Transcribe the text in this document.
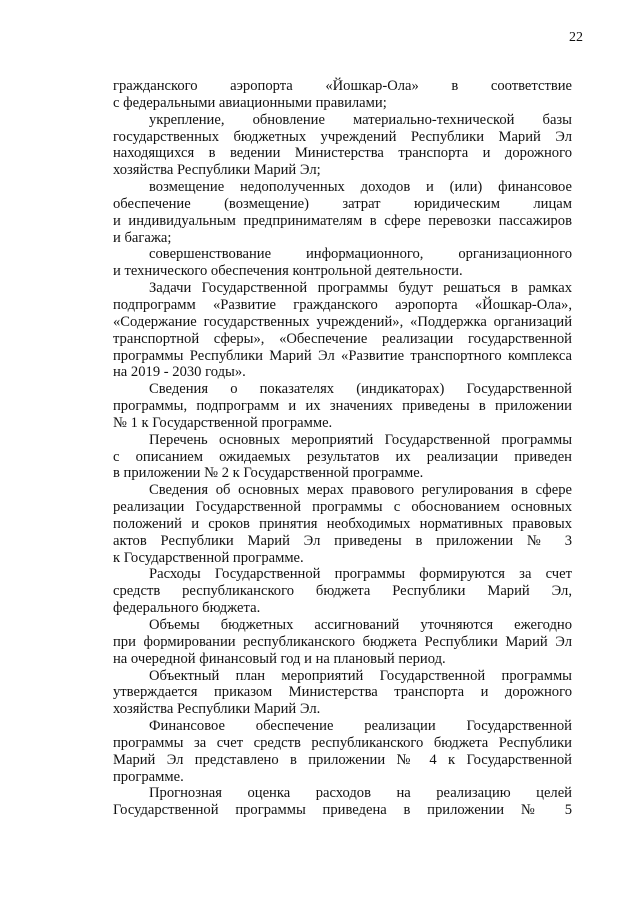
22
гражданского аэропорта «Йошкар-Ола» в соответствие
с федеральными авиационными правилами;
укрепление, обновление материально-технической базы
государственных бюджетных учреждений Республики Марий Эл
находящихся в ведении Министерства транспорта и дорожного
хозяйства Республики Марий Эл;
возмещение недополученных доходов и (или) финансовое
обеспечение (возмещение) затрат юридическим лицам
и индивидуальным предпринимателям в сфере перевозки пассажиров
и багажа;
совершенствование информационного, организационного
и технического обеспечения контрольной деятельности.
Задачи Государственной программы будут решаться в рамках
подпрограмм «Развитие гражданского аэропорта «Йошкар-Ола»,
«Содержание государственных учреждений», «Поддержка организаций
транспортной сферы», «Обеспечение реализации государственной
программы Республики Марий Эл «Развитие транспортного комплекса
на 2019 - 2030 годы».
Сведения о показателях (индикаторах) Государственной
программы, подпрограмм и их значениях приведены в приложении
№ 1 к Государственной программе.
Перечень основных мероприятий Государственной программы
с описанием ожидаемых результатов их реализации приведен
в приложении № 2 к Государственной программе.
Сведения об основных мерах правового регулирования в сфере
реализации Государственной программы с обоснованием основных
положений и сроков принятия необходимых нормативных правовых
актов Республики Марий Эл приведены в приложении № 3
к Государственной программе.
Расходы Государственной программы формируются за счет
средств республиканского бюджета Республики Марий Эл,
федерального бюджета.
Объемы бюджетных ассигнований уточняются ежегодно
при формировании республиканского бюджета Республики Марий Эл
на очередной финансовый год и на плановый период.
Объектный план мероприятий Государственной программы
утверждается приказом Министерства транспорта и дорожного
хозяйства Республики Марий Эл.
Финансовое обеспечение реализации Государственной
программы за счет средств республиканского бюджета Республики
Марий Эл представлено в приложении № 4 к Государственной
программе.
Прогнозная оценка расходов на реализацию целей
Государственной программы приведена в приложении № 5
